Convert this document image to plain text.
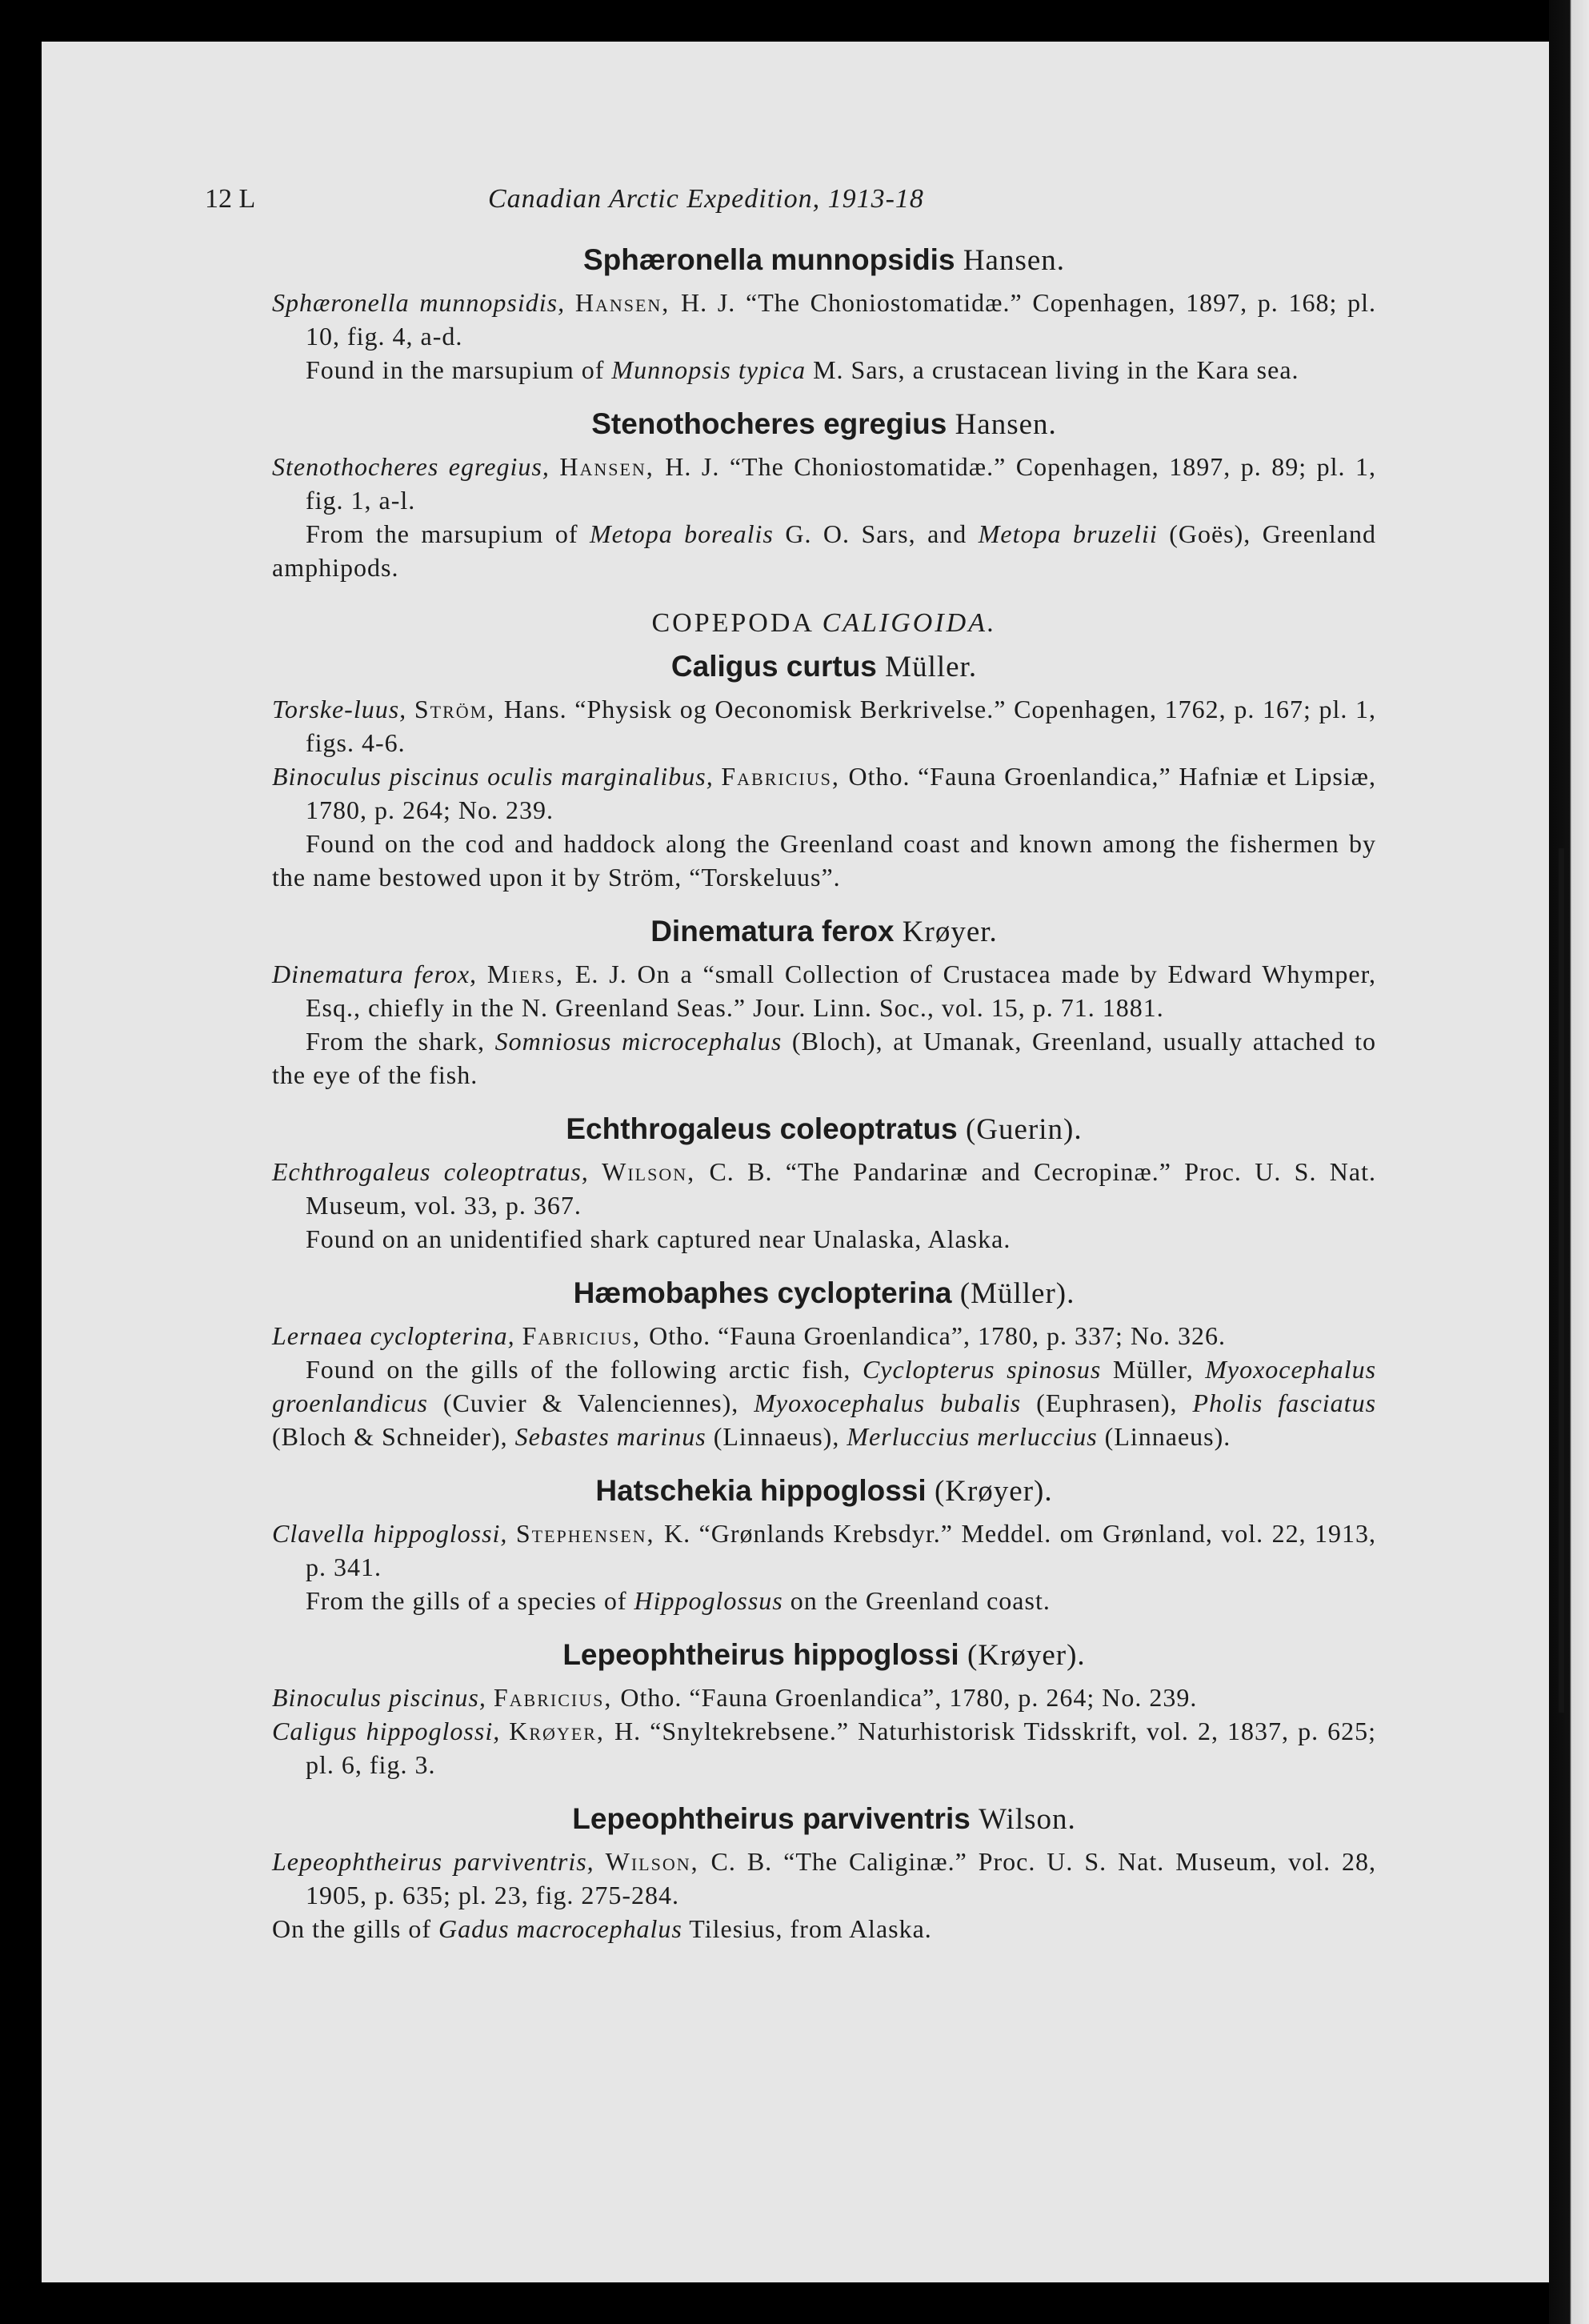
12 L	Canadian Arctic Expedition, 1913-18
Sphæronella munnopsidis Hansen.

Sphæronella munnopsidis, Hansen, H. J. “The Choniostomatidæ.” Copenhagen, 1897, p. 168; pl. 10, fig. 4, a-d.

Found in the marsupium of Munnopsis typica M. Sars, a crustacean living in the Kara sea.

Stenothocheres egregius Hansen.

Stenothocheres egregius, Hansen, H. J. “The Choniostomatidæ.” Copenhagen, 1897, p. 89; pl. 1, fig. 1, a-l.

From the marsupium of Metopa borealis G. O. Sars, and Metopa bruzelii (Goës), Greenland amphipods.

COPEPODA CALIGOIDA.
Caligus curtus Müller.

Torske-luus, Ström, Hans. “Physisk og Oeconomisk Berkrivelse.” Copenhagen, 1762, p. 167; pl. 1, figs. 4-6.

Binoculus piscinus oculis marginalibus, Fabricius, Otho. “Fauna Groenlandica,” Hafniæ et Lipsiæ, 1780, p. 264; No. 239.

Found on the cod and haddock along the Greenland coast and known among the fishermen by the name bestowed upon it by Ström, “Torskeluus”.

Dinematura ferox Krøyer.

Dinematura ferox, Miers, E. J. On a “small Collection of Crustacea made by Edward Whymper, Esq., chiefly in the N. Greenland Seas.” Jour. Linn. Soc., vol. 15, p. 71. 1881.

From the shark, Somniosus microcephalus (Bloch), at Umanak, Greenland, usually attached to the eye of the fish.

Echthrogaleus coleoptratus (Guerin).

Echthrogaleus coleoptratus, Wilson, C. B. “The Pandarinæ and Cecropinæ.” Proc. U. S. Nat. Museum, vol. 33, p. 367.

Found on an unidentified shark captured near Unalaska, Alaska.

Hæmobaphes cyclopterina (Müller).

Lernaea cyclopterina, Fabricius, Otho. “Fauna Groenlandica”, 1780, p. 337; No. 326.

Found on the gills of the following arctic fish, Cyclopterus spinosus Müller, Myoxocephalus groenlandicus (Cuvier & Valenciennes), Myoxocephalus bubalis (Euphrasen), Pholis fasciatus (Bloch & Schneider), Sebastes marinus (Linnaeus), Merluccius merluccius (Linnaeus).

Hatschekia hippoglossi (Krøyer).

Clavella hippoglossi, Stephensen, K. “Grønlands Krebsdyr.” Meddel. om Grønland, vol. 22, 1913, p. 341.

From the gills of a species of Hippoglossus on the Greenland coast.

Lepeophtheirus hippoglossi (Krøyer).

Binoculus piscinus, Fabricius, Otho. “Fauna Groenlandica”, 1780, p. 264; No. 239.

Caligus hippoglossi, Krøyer, H. “Snyltekrebsene.” Naturhistorisk Tidsskrift, vol. 2, 1837, p. 625; pl. 6, fig. 3.

Lepeophtheirus parviventris Wilson.

Lepeophtheirus parviventris, Wilson, C. B. “The Caliginæ.” Proc. U. S. Nat. Museum, vol. 28, 1905, p. 635; pl. 23, fig. 275-284.

On the gills of Gadus macrocephalus Tilesius, from Alaska.
